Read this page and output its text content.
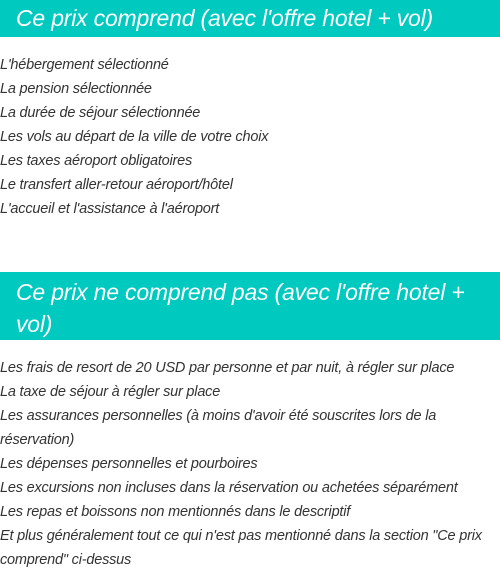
Ce prix comprend (avec l'offre hotel + vol)
L'hébergement sélectionné
La pension sélectionnée
La durée de séjour sélectionnée
Les vols au départ de la ville de votre choix
Les taxes aéroport obligatoires
Le transfert aller-retour aéroport/hôtel
L'accueil et l'assistance à l'aéroport
Ce prix ne comprend pas (avec l'offre hotel + vol)
Les frais de resort de 20 USD par personne et par nuit, à régler sur place
La taxe de séjour à régler sur place
Les assurances personnelles (à moins d'avoir été souscrites lors de la réservation)
Les dépenses personnelles et pourboires
Les excursions non incluses dans la réservation ou achetées séparément
Les repas et boissons non mentionnés dans le descriptif
Et plus généralement tout ce qui n'est pas mentionné dans la section "Ce prix comprend" ci-dessus
